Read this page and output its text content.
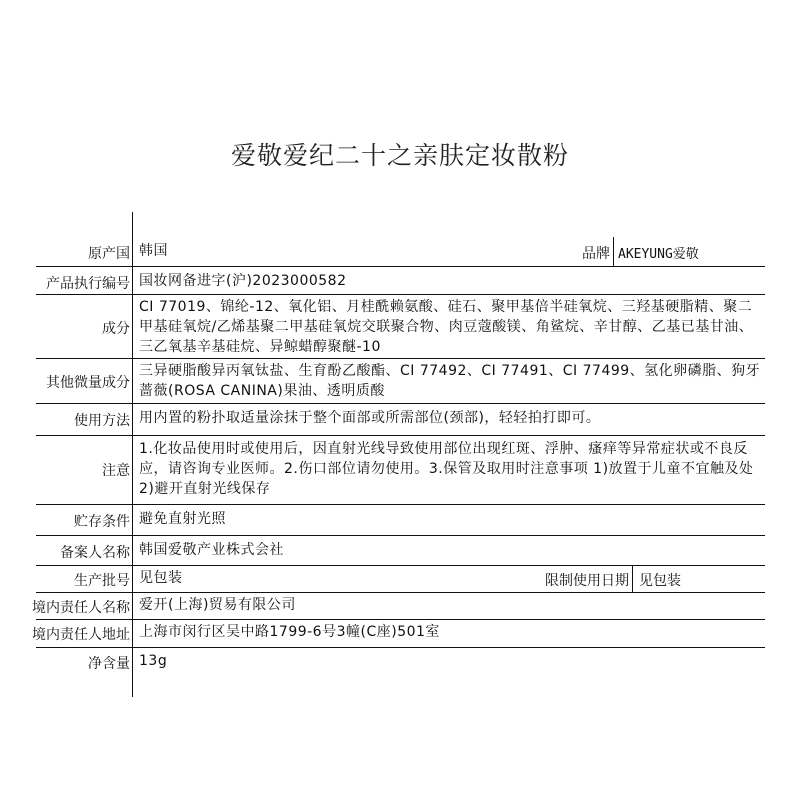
爱敬爱纪二十之亲肤定妆散粉
原产国 韩国	品牌 AKEYUNG爱敬
产品执行编号 国妆网备进字(沪)2023000582
成分
CI 77019、锦纶-12、氧化铝、月桂酰赖氨酸、硅石、聚甲基倍半硅氧烷、三羟基硬脂精、聚二甲基硅氧烷/乙烯基聚二甲基硅氧烷交联聚合物、肉豆蔻酸镁、角鲨烷、辛甘醇、乙基已基甘油、三乙氧基辛基硅烷、异鲸蜡醇聚醚-10
其他微量成分
三异硬脂酸异丙氧钛盐、生育酚乙酸酯、CI 77492、CI 77491、CI 77499、氢化卵磷脂、狗牙蔷薇(ROSA CANINA)果油、透明质酸
使用方法 用内置的粉扑取适量涂抹于整个面部或所需部位(颈部)，轻轻拍打即可。
注意
1.化妆品使用时或使用后，因直射光线导致使用部位出现红斑、浮肿、瘙痒等异常症状或不良反应，请咨询专业医师。2.伤口部位请勿使用。3.保管及取用时注意事项 1)放置于儿童不宜触及处　　2)避开直射光线保存
贮存条件 避免直射光照
备案人名称 韩国爱敬产业株式会社
生产批号 见包装	限制使用日期 见包装
境内责任人名称 爱开(上海)贸易有限公司
境内责任人地址 上海市闵行区吴中路1799-6号3幢(C座)501室
净含量 13g
